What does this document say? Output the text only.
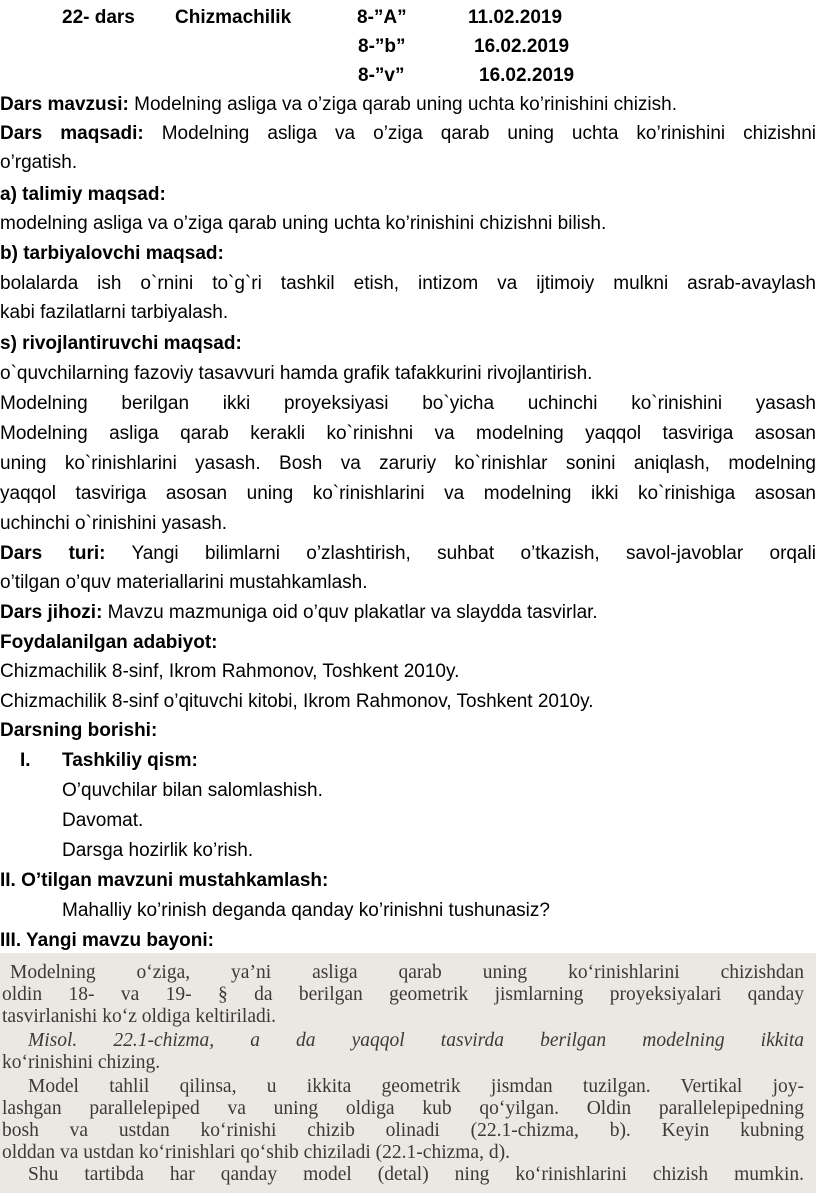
22- dars Chizmachilik	8-”A”	11.02.2019
8-”b”	16.02.2019
8-”v”	16.02.2019
Dars mavzusi: Modelning asliga va o’ziga qarab uning uchta ko’rinishini chizish.
Dars maqsadi: Modelning asliga va o’ziga qarab uning uchta ko’rinishini chizishni
o’rgatish.
a) talimiy maqsad:
modelning asliga va o’ziga qarab uning uchta ko’rinishini chizishni bilish.
b) tarbiyalovchi maqsad:
bolalarda ish o`rnini to`g`ri tashkil etish, intizom va ijtimoiy mulkni asrab-avaylash
kabi fazilatlarni tarbiyalash.
s) rivojlantiruvchi maqsad:
o`quvchilarning fazoviy tasavvuri hamda grafik tafakkurini rivojlantirish.
Modelning berilgan ikki proyeksiyasi bo`yicha uchinchi ko`rinishini yasash
Modelning asliga qarab kerakli ko`rinishni va modelning yaqqol tasviriga asosan
uning ko`rinishlarini yasash. Bosh va zaruriy ko`rinishlar sonini aniqlash, modelning
yaqqol tasviriga asosan uning ko`rinishlarini va modelning ikki ko`rinishiga asosan
uchinchi o`rinishini yasash.
Dars turi: Yangi bilimlarni o’zlashtirish, suhbat o’tkazish, savol-javoblar orqali
o’tilgan o’quv materiallarini mustahkamlash.
Dars jihozi: Mavzu mazmuniga oid o’quv plakatlar va slaydda tasvirlar.
Foydalanilgan adabiyot:
Chizmachilik 8-sinf, Ikrom Rahmonov, Toshkent 2010y.
Chizmachilik 8-sinf o’qituvchi kitobi, Ikrom Rahmonov, Toshkent 2010y.
Darsning borishi:
I. Tashkiliy qism:
O’quvchilar bilan salomlashish.
Davomat.
Darsga hozirlik ko’rish.
II. O’tilgan mavzuni mustahkamlash:
Mahalliy ko’rinish deganda qanday ko’rinishni tushunasiz?
III. Yangi mavzu bayoni:
Modelning o‘ziga, ya’ni asliga qarab uning ko‘rinishlarini chizishdan
oldin 18- va 19- § da berilgan geometrik jismlarning proyeksiyalari qanday
tasvirlanishi ko‘z oldiga keltiriladi.
Misol. 22.1-chizma, a da yaqqol tasvirda berilgan modelning ikkita
ko‘rinishini chizing.
Model tahlil qilinsa, u ikkita geometrik jismdan tuzilgan. Vertikal joy-
lashgan parallelepiped va uning oldiga kub qo‘yilgan. Oldin parallelepipedning
bosh va ustdan ko‘rinishi chizib olinadi (22.1-chizma, b). Keyin kubning
olddan va ustdan ko‘rinishlari qo‘shib chiziladi (22.1-chizma, d).
Shu tartibda har qanday model (detal) ning ko‘rinishlarini chizish mumkin.
